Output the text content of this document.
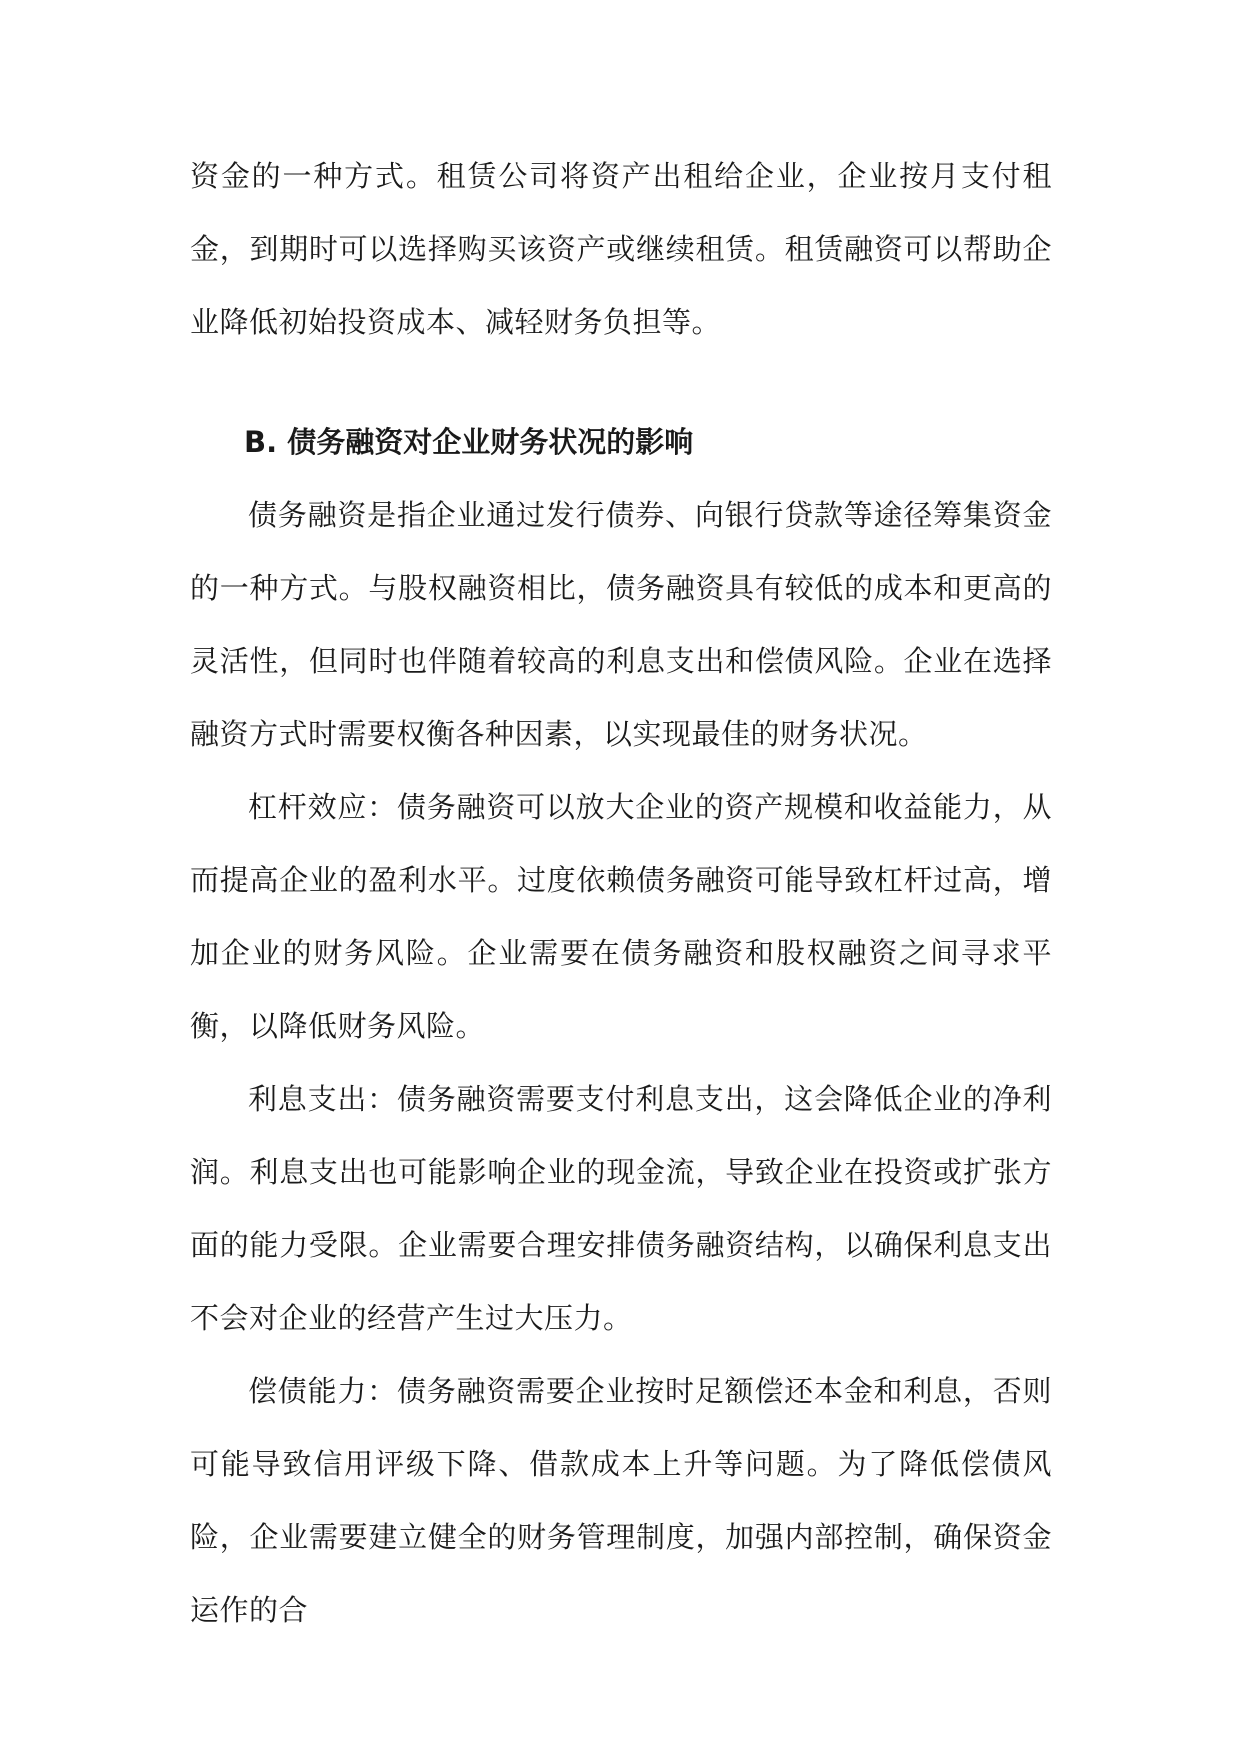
资金的一种方式。租赁公司将资产出租给企业，企业按月支付租金，到期时可以选择购买该资产或继续租赁。租赁融资可以帮助企业降低初始投资成本、减轻财务负担等。

B. 债务融资对企业财务状况的影响

债务融资是指企业通过发行债券、向银行贷款等途径筹集资金的一种方式。与股权融资相比，债务融资具有较低的成本和更高的灵活性，但同时也伴随着较高的利息支出和偿债风险。企业在选择融资方式时需要权衡各种因素，以实现最佳的财务状况。

杠杆效应：债务融资可以放大企业的资产规模和收益能力，从而提高企业的盈利水平。过度依赖债务融资可能导致杠杆过高，增加企业的财务风险。企业需要在债务融资和股权融资之间寻求平衡，以降低财务风险。

利息支出：债务融资需要支付利息支出，这会降低企业的净利润。利息支出也可能影响企业的现金流，导致企业在投资或扩张方面的能力受限。企业需要合理安排债务融资结构，以确保利息支出不会对企业的经营产生过大压力。

偿债能力：债务融资需要企业按时足额偿还本金和利息，否则可能导致信用评级下降、借款成本上升等问题。为了降低偿债风险，企业需要建立健全的财务管理制度，加强内部控制，确保资金运作的合
